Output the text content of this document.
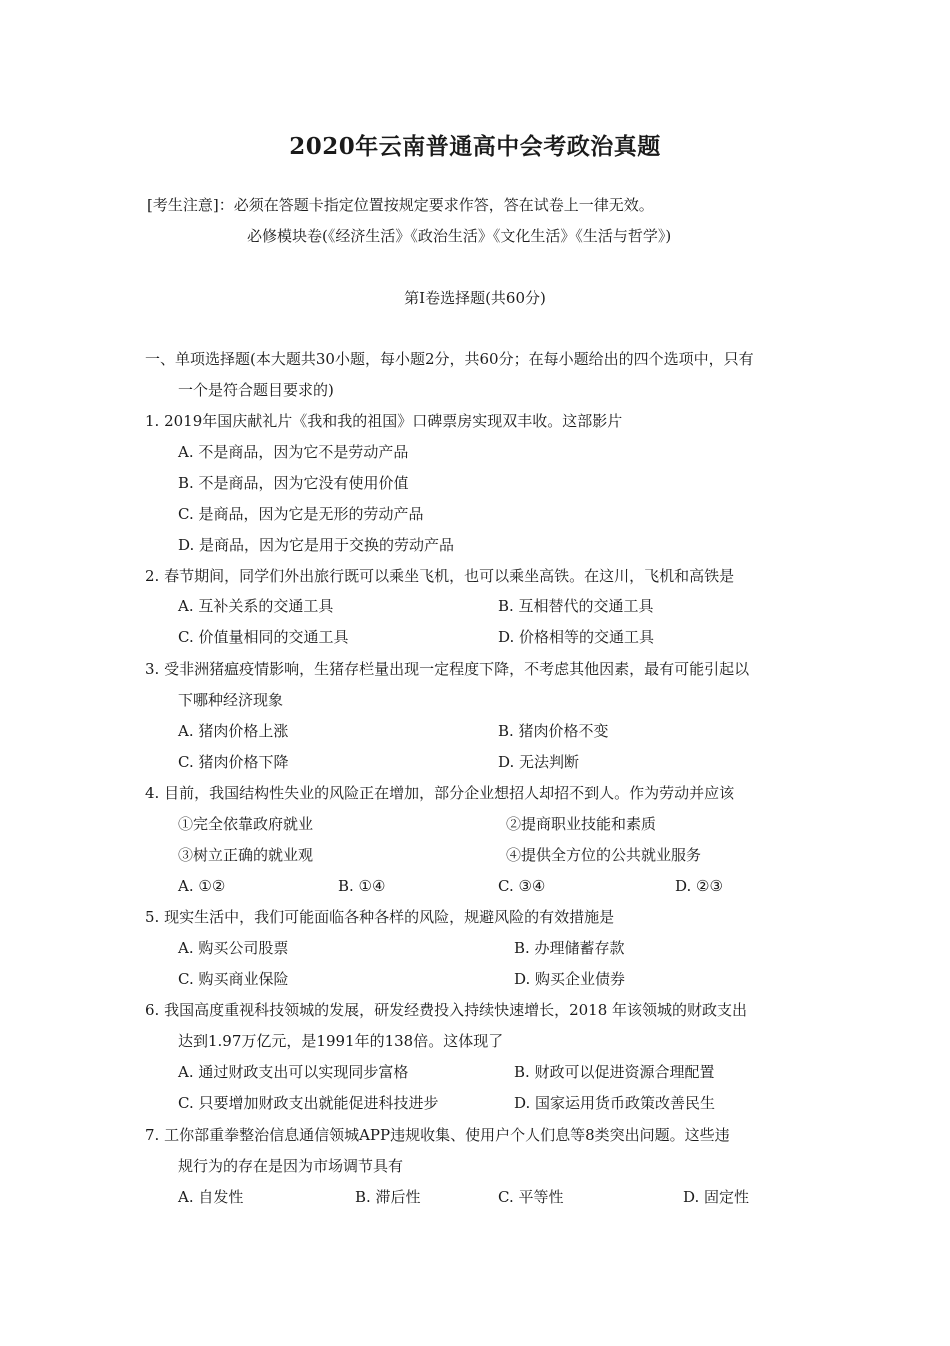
2020年云南普通高中会考政治真题
[考生注意]：必须在答题卡指定位置按规定要求作答，答在试卷上一律无效。
必修模块卷(《经济生活》《政治生活》《文化生活》《生活与哲学》)
第Ⅰ卷选择题(共60分)
一、单项选择题(本大题共30小题，每小题2分，共60分；在每小题给出的四个选项中，只有
一个是符合题目要求的)
1. 2019年国庆献礼片《我和我的祖国》口碑票房实现双丰收。这部影片
A. 不是商品，因为它不是劳动产品
B. 不是商品，因为它没有使用价值
C. 是商品，因为它是无形的劳动产品
D. 是商品，因为它是用于交换的劳动产品
2. 春节期间，同学们外出旅行既可以乘坐飞机，也可以乘坐高铁。在这川，飞机和高铁是
A. 互补关系的交通工具	B. 互相替代的交通工具
C. 价值量相同的交通工具	D. 价格相等的交通工具
3. 受非洲猪瘟疫情影响，生猪存栏量出现一定程度下降，不考虑其他因素，最有可能引起以
下哪种经济现象
A. 猪肉价格上涨	B. 猪肉价格不变
C. 猪肉价格下降	D. 无法判断
4. 目前，我国结构性失业的风险正在增加，部分企业想招人却招不到人。作为劳动并应该
①完全依靠政府就业	②提商职业技能和素质
③树立正确的就业观	④提供全方位的公共就业服务
A. ①②	B. ①④	C. ③④	D. ②③
5. 现实生活中，我们可能面临各种各样的风险，规避风险的有效措施是
A. 购买公司股票	B. 办理储蓄存款
C. 购买商业保险	D. 购买企业债券
6. 我国高度重视科技领城的发展，研发经费投入持续快速增长，2018 年该领城的财政支出
达到1.97万亿元，是1991年的138倍。这体现了
A. 通过财政支出可以实现同步富格	B. 财政可以促进资源合理配置
C. 只要增加财政支出就能促进科技进步	D. 国家运用货币政策改善民生
7. 工你部重拳整治信息通信领城APP违规收集、使用户个人们息等8类突出问题。这些违
规行为的存在是因为市场调节具有
A. 自发性	B. 滞后性	C. 平等性	D. 固定性
